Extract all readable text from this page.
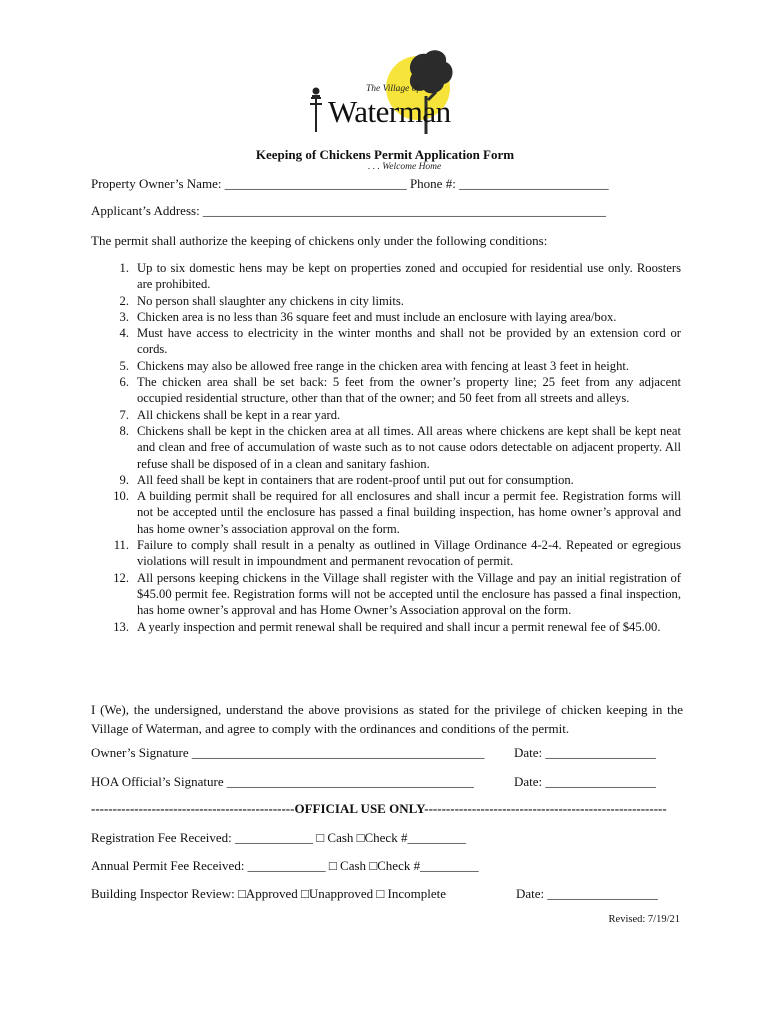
The Village of
Waterman
. . . Welcome Home
Keeping of Chickens Permit Application Form
Property Owner’s Name: ____________________________ Phone #: _______________________
Applicant’s Address: ______________________________________________________________
The permit shall authorize the keeping of chickens only under the following conditions:
1. Up to six domestic hens may be kept on properties zoned and occupied for residential use only. Roosters are prohibited.
2. No person shall slaughter any chickens in city limits.
3. Chicken area is no less than 36 square feet and must include an enclosure with laying area/box.
4. Must have access to electricity in the winter months and shall not be provided by an extension cord or cords.
5. Chickens may also be allowed free range in the chicken area with fencing at least 3 feet in height.
6. The chicken area shall be set back: 5 feet from the owner’s property line; 25 feet from any adjacent occupied residential structure, other than that of the owner; and 50 feet from all streets and alleys.
7. All chickens shall be kept in a rear yard.
8. Chickens shall be kept in the chicken area at all times. All areas where chickens are kept shall be kept neat and clean and free of accumulation of waste such as to not cause odors detectable on adjacent property. All refuse shall be disposed of in a clean and sanitary fashion.
9. All feed shall be kept in containers that are rodent-proof until put out for consumption.
10. A building permit shall be required for all enclosures and shall incur a permit fee. Registration forms will not be accepted until the enclosure has passed a final building inspection, has home owner’s approval and has home owner’s association approval on the form.
11. Failure to comply shall result in a penalty as outlined in Village Ordinance 4-2-4. Repeated or egregious violations will result in impoundment and permanent revocation of permit.
12. All persons keeping chickens in the Village shall register with the Village and pay an initial registration of $45.00 permit fee. Registration forms will not be accepted until the enclosure has passed a final inspection, has home owner’s approval and has Home Owner’s Association approval on the form.
13. A yearly inspection and permit renewal shall be required and shall incur a permit renewal fee of $45.00.
I (We), the undersigned, understand the above provisions as stated for the privilege of chicken keeping in the Village of Waterman, and agree to comply with the ordinances and conditions of the permit.
Owner’s Signature _____________________________________________ Date: _________________
HOA Official’s Signature ______________________________________	Date: _________________
-----------------------------------------------OFFICIAL USE ONLY--------------------------------------------------------
Registration Fee Received: ____________ □ Cash □Check #_________
Annual Permit Fee Received: ____________ □ Cash □Check #_________
Building Inspector Review: □Approved □Unapproved □ Incomplete	Date: _________________
Revised: 7/19/21
